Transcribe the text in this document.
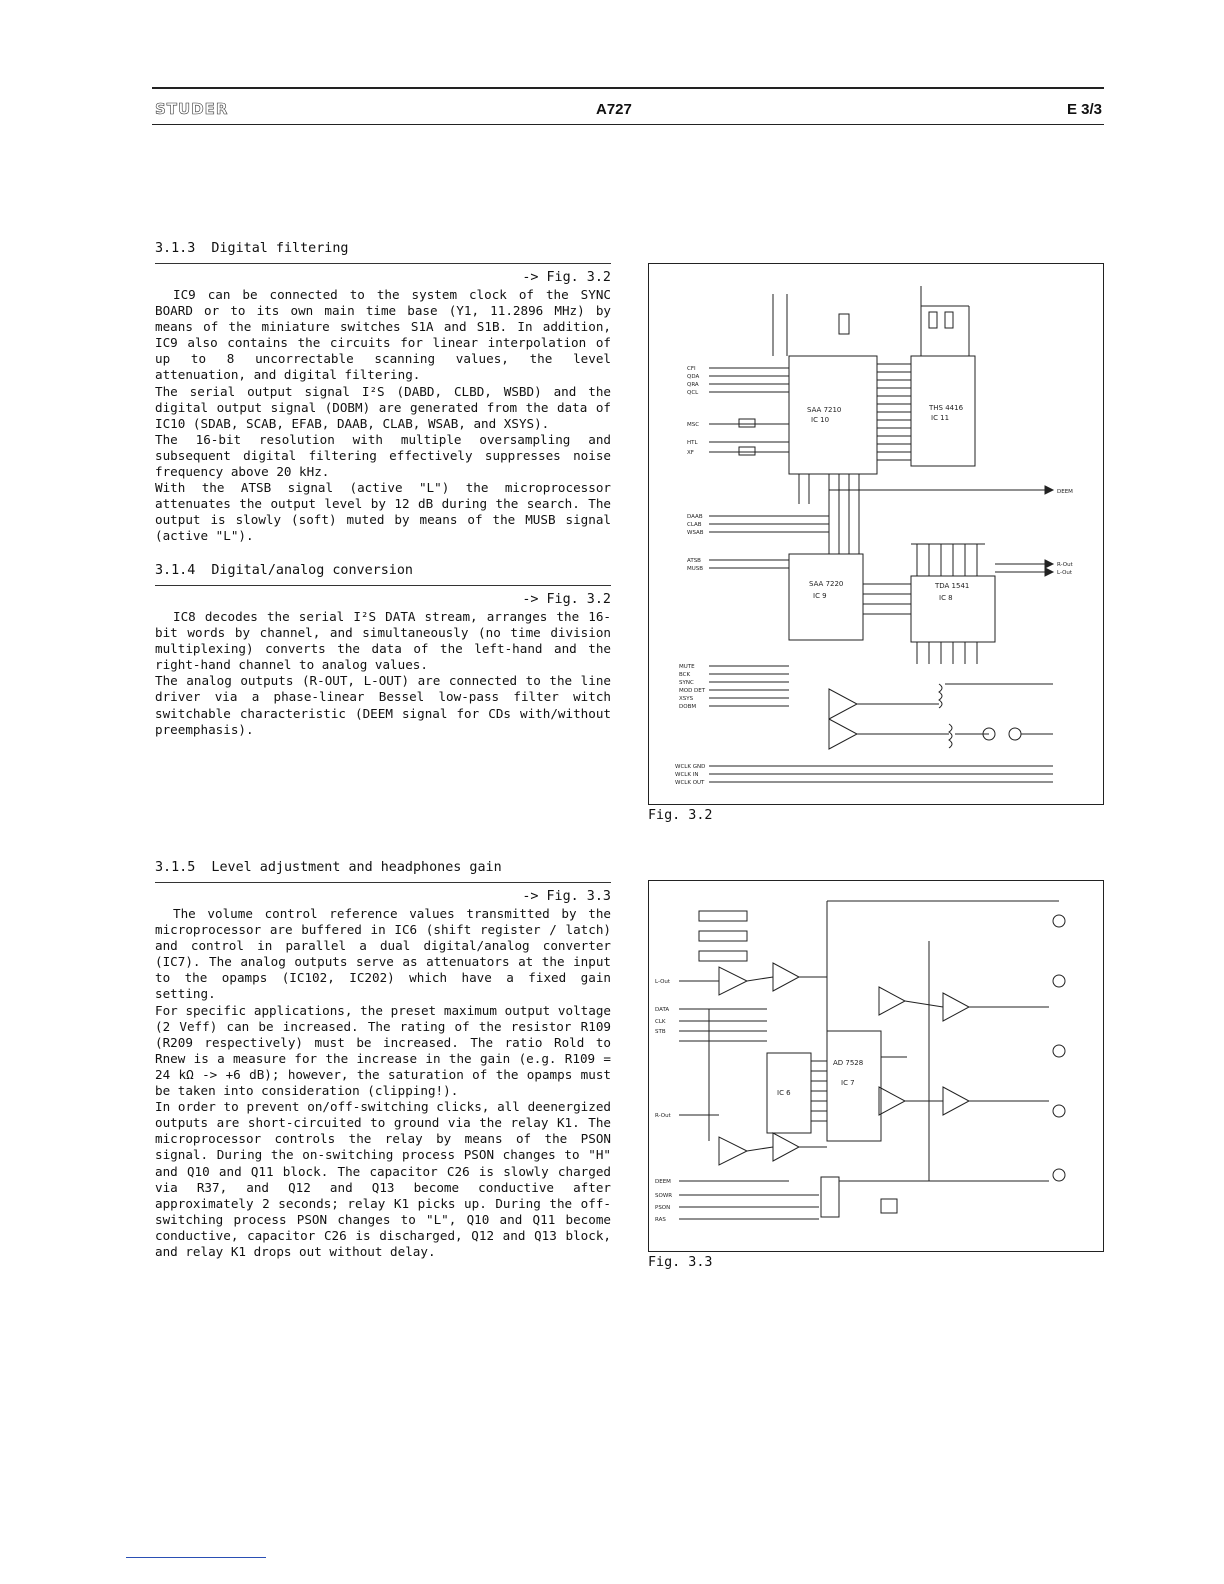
STUDER	A727	E 3/3
3.1.3  Digital filtering
-> Fig. 3.2

IC9 can be connected to the system clock of the SYNC BOARD or to its own main time base (Y1, 11.2896 MHz) by means of the miniature switches S1A and S1B. In addition, IC9 also contains the circuits for linear interpolation of up to 8 uncorrectable scanning values, the level attenuation, and digital filtering.

The serial output signal I²S (DABD, CLBD, WSBD) and the digital output signal (DOBM) are generated from the data of IC10 (SDAB, SCAB, EFAB, DAAB, CLAB, WSAB, and XSYS).

The 16-bit resolution with multiple oversampling and subsequent digital filtering effectively suppresses noise frequency above 20 kHz.

With the ATSB signal (active "L") the microprocessor attenuates the output level by 12 dB during the search. The output is slowly (soft) muted by means of the MUSB signal (active "L").

3.1.4  Digital/analog conversion
-> Fig. 3.2

IC8 decodes the serial I²S DATA stream, arranges the 16-bit words by channel, and simultaneously (no time division multiplexing) converts the data of the left-hand and the right-hand channel to analog values.

The analog outputs (R-OUT, L-OUT) are connected to the line driver via a phase-linear Bessel low-pass filter witch switchable characteristic (DEEM signal for CDs with/without preemphasis).

3.1.5  Level adjustment and headphones gain
-> Fig. 3.3

The volume control reference values transmitted by the microprocessor are buffered in IC6 (shift register / latch) and control in parallel a dual digital/analog converter (IC7). The analog outputs serve as attenuators at the input to the opamps (IC102, IC202) which have a fixed gain setting.

For specific applications, the preset maximum output voltage (2 Veff) can be increased. The rating of the resistor R109 (R209 respectively) must be increased. The ratio Rold to Rnew is a measure for the increase in the gain (e.g. R109 = 24 kΩ -> +6 dB); however, the saturation of the opamps must be taken into consideration (clipping!).

In order to prevent on/off-switching clicks, all deenergized outputs are short-circuited to ground via the relay K1. The microprocessor controls the relay by means of the PSON signal. During the on-switching process PSON changes to "H" and Q10 and Q11 block. The capacitor C26 is slowly charged via R37, and Q12 and Q13 become conductive after approximately 2 seconds; relay K1 picks up. During the off-switching process PSON changes to "L", Q10 and Q11 become conductive, capacitor C26 is discharged, Q12 and Q13 block, and relay K1 drops out without delay.

SAA 7210
IC 10
THS 4416
IC 11
SAA 7220
IC 9
TDA 1541
IC 8
CFI
QDA
QRA
QCL
MSC
HTL
XF
DAAB
CLAB
WSAB
ATSB
MUSB
MUTE
BCK
SYNC
MOD DET
XSYS
DOBM
DEEM
R-Out
L-Out
WCLK GND
WCLK IN
WCLK OUT
Fig. 3.2
IC 6
AD 7528
IC 7
L-Out
DATA
CLK
STB
R-Out
DEEM
SOWR
PSON
RAS
Fig. 3.3
